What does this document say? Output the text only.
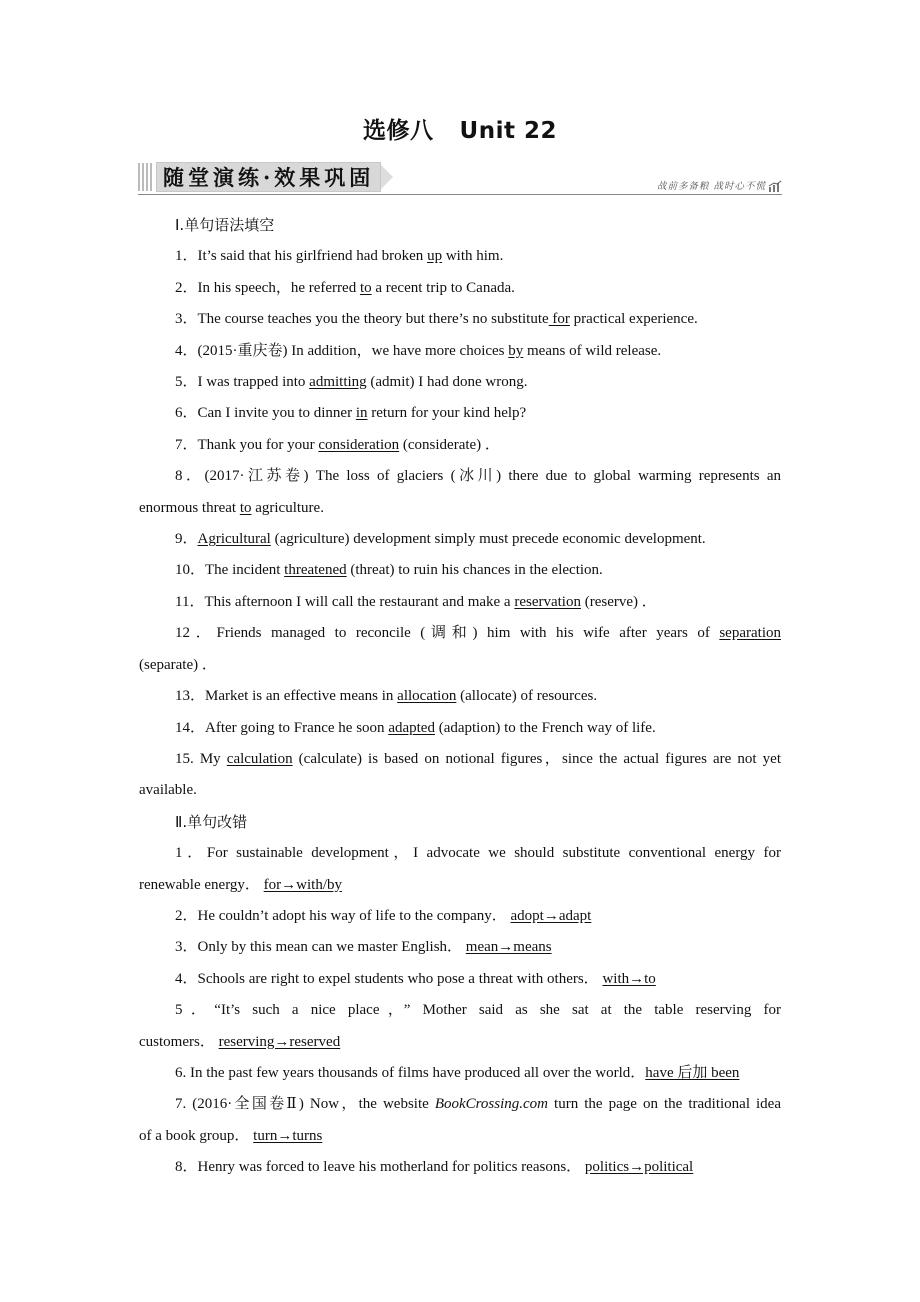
选修八 Unit 22
随堂演练·效果巩固	战前多备粮 战时心不慌

Ⅰ.单句语法填空

1．It’s said that his girlfriend had broken up with him.

2．In his speech，he referred to a recent trip to Canada.

3．The course teaches you the theory but there’s no substitute for practical experience.

4．(2015·重庆卷) In addition，we have more choices by means of wild release.

5．I was trapped into admitting (admit) I had done wrong.

6．Can I invite you to dinner in return for your kind help?

7．Thank you for your consideration (considerate) ．

8．(2017·江苏卷) The loss of glaciers (冰川) there due to global warming represents an

enormous threat to agriculture.

9．Agricultural (agriculture) development simply must precede economic development.

10．The incident threatened (threat) to ruin his chances in the election.

11．This afternoon I will call the restaurant and make a reservation (reserve) ．

12．Friends managed to reconcile (调和) him with his wife after years of separation

(separate) ．

13．Market is an effective means in allocation (allocate) of resources.

14．After going to France he soon adapted (adaption) to the French way of life.

15. My calculation (calculate) is based on notional figures，since the actual figures are not yet

available.

Ⅱ.单句改错

1．For sustainable development，I advocate we should substitute conventional energy for

renewable energy． for→with/by

2．He couldn’t adopt his way of life to the company． adopt→adapt

3．Only by this mean can we master English． mean→means

4．Schools are right to expel students who pose a threat with others． with→to

5．“It’s such a nice place，” Mother said as she sat at the table reserving for

customers． reserving→reserved

6. In the past few years thousands of films have produced all over the world．have 后加 been

7. (2016·全国卷Ⅱ) Now，the website BookCrossing.com turn the page on the traditional idea

of a book group． turn→turns

8．Henry was forced to leave his motherland for politics reasons． politics→political
